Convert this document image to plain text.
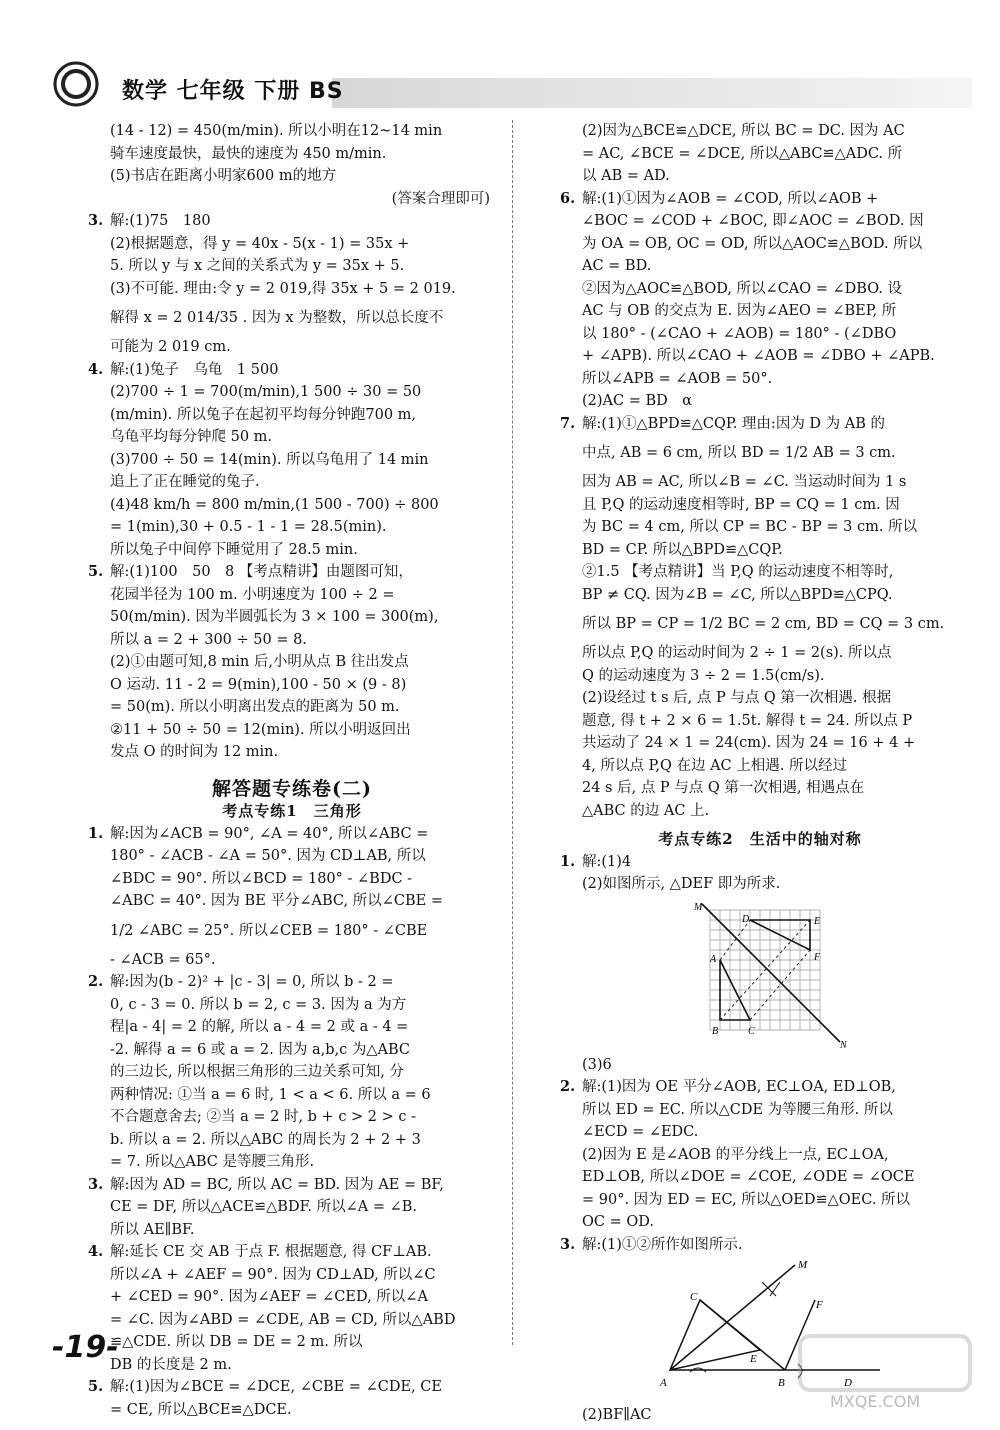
数学 七年级 下册 BS
(14 - 12) = 450(m/min). 所以小明在12~14 min
骑车速度最快，最快的速度为 450 m/min.
(5)书店在距离小明家600 m的地方
(答案合理即可)
3. 解:(1)75　180
(2)根据题意，得 y = 40x - 5(x - 1) = 35x +
5. 所以 y 与 x 之间的关系式为 y = 35x + 5.
(3)不可能. 理由:令 y = 2 019,得 35x + 5 = 2 019.
解得 x = 2 014/35 . 因为 x 为整数，所以总长度不
可能为 2 019 cm.
4. 解:(1)兔子　乌龟　1 500
(2)700 ÷ 1 = 700(m/min),1 500 ÷ 30 = 50
(m/min). 所以兔子在起初平均每分钟跑700 m,
乌龟平均每分钟爬 50 m.
(3)700 ÷ 50 = 14(min). 所以乌龟用了 14 min
追上了正在睡觉的兔子.
(4)48 km/h = 800 m/min,(1 500 - 700) ÷ 800
= 1(min),30 + 0.5 - 1 - 1 = 28.5(min).
所以兔子中间停下睡觉用了 28.5 min.
5. 解:(1)100　50　8 【考点精讲】由题图可知，
花园半径为 100 m. 小明速度为 100 ÷ 2 =
50(m/min). 因为半圆弧长为 3 × 100 = 300(m),
所以 a = 2 + 300 ÷ 50 = 8.
(2)①由题可知,8 min 后,小明从点 B 往出发点
O 运动. 11 - 2 = 9(min),100 - 50 × (9 - 8)
= 50(m). 所以小明离出发点的距离为 50 m.
②11 + 50 ÷ 50 = 12(min). 所以小明返回出
发点 O 的时间为 12 min.
解答题专练卷(二)
考点专练1　三角形
1. 解:因为∠ACB = 90°, ∠A = 40°, 所以∠ABC =
180° - ∠ACB - ∠A = 50°. 因为 CD⊥AB, 所以
∠BDC = 90°. 所以∠BCD = 180° - ∠BDC -
∠ABC = 40°. 因为 BE 平分∠ABC, 所以∠CBE =
1/2 ∠ABC = 25°. 所以∠CEB = 180° - ∠CBE
- ∠ACB = 65°.
2. 解:因为(b - 2)² + |c - 3| = 0, 所以 b - 2 =
0, c - 3 = 0. 所以 b = 2, c = 3. 因为 a 为方
程|a - 4| = 2 的解, 所以 a - 4 = 2 或 a - 4 =
-2. 解得 a = 6 或 a = 2. 因为 a,b,c 为△ABC
的三边长, 所以根据三角形的三边关系可知, 分
两种情况: ①当 a = 6 时, 1 < a < 6. 所以 a = 6
不合题意舍去; ②当 a = 2 时, b + c > 2 > c -
b. 所以 a = 2. 所以△ABC 的周长为 2 + 2 + 3
= 7. 所以△ABC 是等腰三角形.
3. 解:因为 AD = BC, 所以 AC = BD. 因为 AE = BF,
CE = DF, 所以△ACE≌△BDF. 所以∠A = ∠B.
所以 AE∥BF.
4. 解:延长 CE 交 AB 于点 F. 根据题意, 得 CF⊥AB.
所以∠A + ∠AEF = 90°. 因为 CD⊥AD, 所以∠C
+ ∠CED = 90°. 因为∠AEF = ∠CED, 所以∠A
= ∠C. 因为∠ABD = ∠CDE, AB = CD, 所以△ABD
≌△CDE. 所以 DB = DE = 2 m. 所以
DB 的长度是 2 m.
5. 解:(1)因为∠BCE = ∠DCE, ∠CBE = ∠CDE, CE
= CE, 所以△BCE≌△DCE.
(2)因为△BCE≌△DCE, 所以 BC = DC. 因为 AC
= AC, ∠BCE = ∠DCE, 所以△ABC≌△ADC. 所
以 AB = AD.
6. 解:(1)①因为∠AOB = ∠COD, 所以∠AOB +
∠BOC = ∠COD + ∠BOC, 即∠AOC = ∠BOD. 因
为 OA = OB, OC = OD, 所以△AOC≌△BOD. 所以
AC = BD.
②因为△AOC≌△BOD, 所以∠CAO = ∠DBO. 设
AC 与 OB 的交点为 E. 因为∠AEO = ∠BEP, 所
以 180° - (∠CAO + ∠AOB) = 180° - (∠DBO
+ ∠APB). 所以∠CAO + ∠AOB = ∠DBO + ∠APB.
所以∠APB = ∠AOB = 50°.
(2)AC = BD　α
7. 解:(1)①△BPD≌△CQP. 理由:因为 D 为 AB 的
中点, AB = 6 cm, 所以 BD = 1/2 AB = 3 cm.
因为 AB = AC, 所以∠B = ∠C. 当运动时间为 1 s
且 P,Q 的运动速度相等时, BP = CQ = 1 cm. 因
为 BC = 4 cm, 所以 CP = BC - BP = 3 cm. 所以
BD = CP. 所以△BPD≌△CQP.
②1.5 【考点精讲】当 P,Q 的运动速度不相等时,
BP ≠ CQ. 因为∠B = ∠C, 所以△BPD≌△CPQ.
所以 BP = CP = 1/2 BC = 2 cm, BD = CQ = 3 cm.
所以点 P,Q 的运动时间为 2 ÷ 1 = 2(s). 所以点
Q 的运动速度为 3 ÷ 2 = 1.5(cm/s).
(2)设经过 t s 后, 点 P 与点 Q 第一次相遇. 根据
题意, 得 t + 2 × 6 = 1.5t. 解得 t = 24. 所以点 P
共运动了 24 × 1 = 24(cm). 因为 24 = 16 + 4 +
4, 所以点 P,Q 在边 AC 上相遇. 所以经过
24 s 后, 点 P 与点 Q 第一次相遇, 相遇点在
△ABC 的边 AC 上.
考点专练2　生活中的轴对称
1. 解:(1)4
(2)如图所示, △DEF 即为所求.
M
D	E
A	F
B	C
N
(3)6
2. 解:(1)因为 OE 平分∠AOB, EC⊥OA, ED⊥OB,
所以 ED = EC. 所以△CDE 为等腰三角形. 所以
∠ECD = ∠EDC.
(2)因为 E 是∠AOB 的平分线上一点, EC⊥OA,
ED⊥OB, 所以∠DOE = ∠COE, ∠ODE = ∠OCE
= 90°. 因为 ED = EC, 所以△OED≌△OEC. 所以
OC = OD.
3. 解:(1)①②所作如图所示.
M
C
F
E
A	B	D
(2)BF∥AC
-19-
MXQE.COM
